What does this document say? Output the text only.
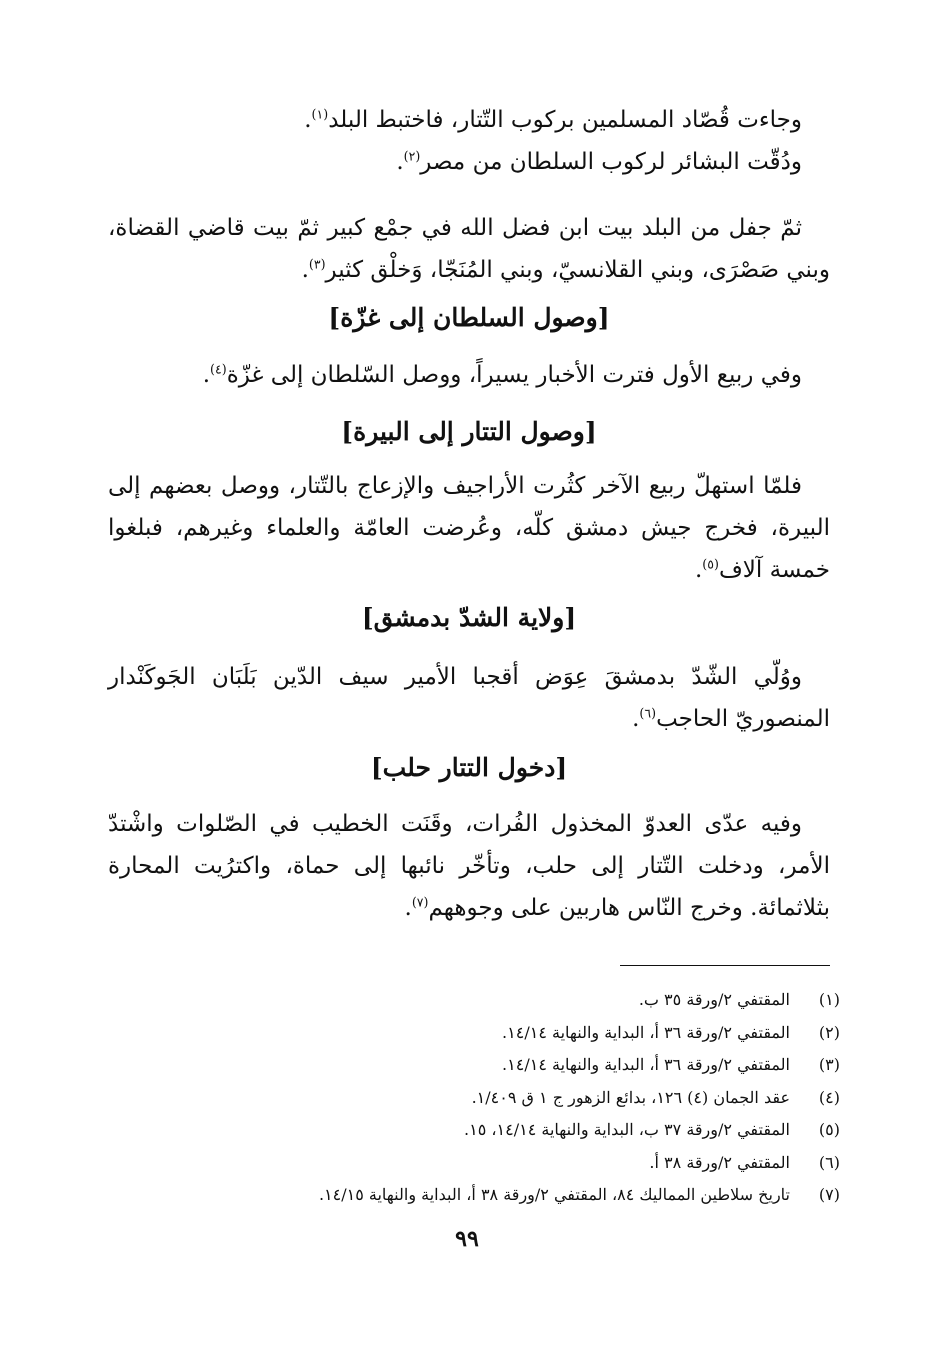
وجاءت قُصّاد المسلمين بركوب التّتار، فاختبط البلد$^{(١)}$.

ودُقّت البشائر لركوب السلطان من مصر$^{(٢)}$.

ثمّ جفل من البلد بيت ابن فضل الله في جمْع كبير ثمّ بيت قاضي القضاة، وبني صَصْرَى، وبني القلانسيّ، وبني المُنَجّا، وَخلْق كثير$^{(٣)}$.

[وصول السلطان إلى غزّة]

وفي ربيع الأول فترت الأخبار يسيراً، ووصل السّلطان إلى غزّة$^{(٤)}$.

[وصول التتار إلى البيرة]

فلمّا استهلّ ربيع الآخر كثُرت الأراجيف والإزعاج بالتّتار، ووصل بعضهم إلى البيرة، فخرج جيش دمشق كلّه، وعُرضت العامّة والعلماء وغيرهم، فبلغوا خمسة آلاف$^{(٥)}$.

[ولاية الشدّ بدمشق]

ووُلّي الشّدّ بدمشقَ عِوَض أقجبا الأمير سيف الدّين بَلَبَان الجَوكَنْدار المنصوريّ الحاجب$^{(٦)}$.

[دخول التتار حلب]

وفيه عدّى العدوّ المخذول الفُرات، وقَنَت الخطيب في الصّلوات واشْتدّ الأمر، ودخلت التّتار إلى حلب، وتأخّر نائبها إلى حماة، واكترُيت المحارة بثلاثمائة. وخرج النّاس هاربين على وجوههم$^{(٧)}$.

(١)
المقتفي ٢/ورقة ٣٥ ب.
(٢)
المقتفي ٢/ورقة ٣٦ أ، البداية والنهاية ١٤/١٤.
(٣)
المقتفي ٢/ورقة ٣٦ أ، البداية والنهاية ١٤/١٤.
(٤)
عقد الجمان (٤) ١٢٦، بدائع الزهور ج ١ ق ١/٤٠٩.
(٥)
المقتفي ٢/ورقة ٣٧ ب، البداية والنهاية ١٤/١٤، ١٥.
(٦)
المقتفي ٢/ورقة ٣٨ أ.
(٧)
تاريخ سلاطين المماليك ٨٤، المقتفي ٢/ورقة ٣٨ أ، البداية والنهاية ١٤/١٥.
٩٩
